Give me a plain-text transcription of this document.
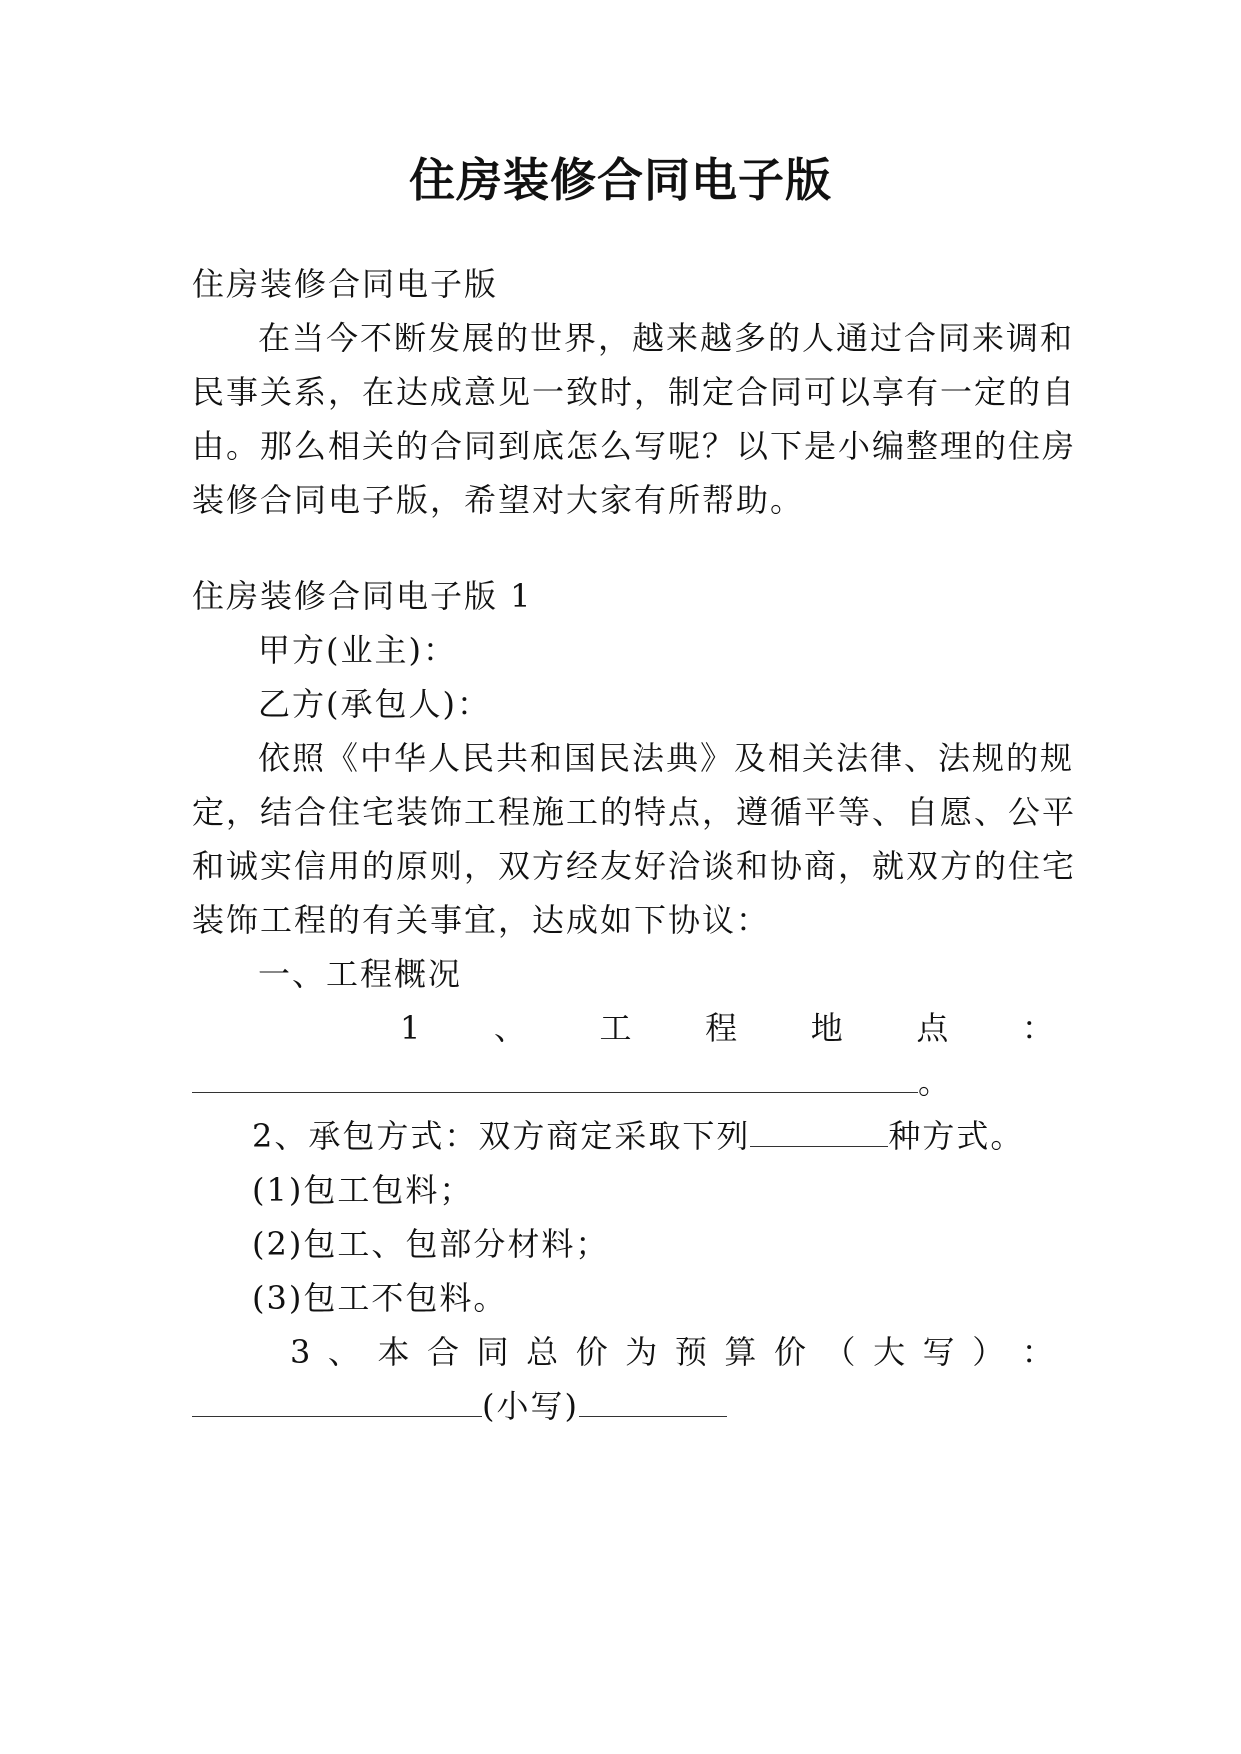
住房装修合同电子版
住房装修合同电子版
在当今不断发展的世界，越来越多的人通过合同来调和
民事关系，在达成意见一致时，制定合同可以享有一定的自
由。那么相关的合同到底怎么写呢？以下是小编整理的住房
装修合同电子版，希望对大家有所帮助。
住房装修合同电子版 1
甲方(业主)：
乙方(承包人)：
依照《中华人民共和国民法典》及相关法律、法规的规
定，结合住宅装饰工程施工的特点，遵循平等、自愿、公平
和诚实信用的原则，双方经友好洽谈和协商，就双方的住宅
装饰工程的有关事宜，达成如下协议：
一、工程概况
1 、 工 程 地 点 ：
。
2、承包方式：双方商定采取下列	种方式。
(1)包工包料；
(2)包工、包部分材料；
(3)包工不包料。
3 、 本 合 同 总 价 为 预 算 价 （ 大 写 ） ：
(小写)
